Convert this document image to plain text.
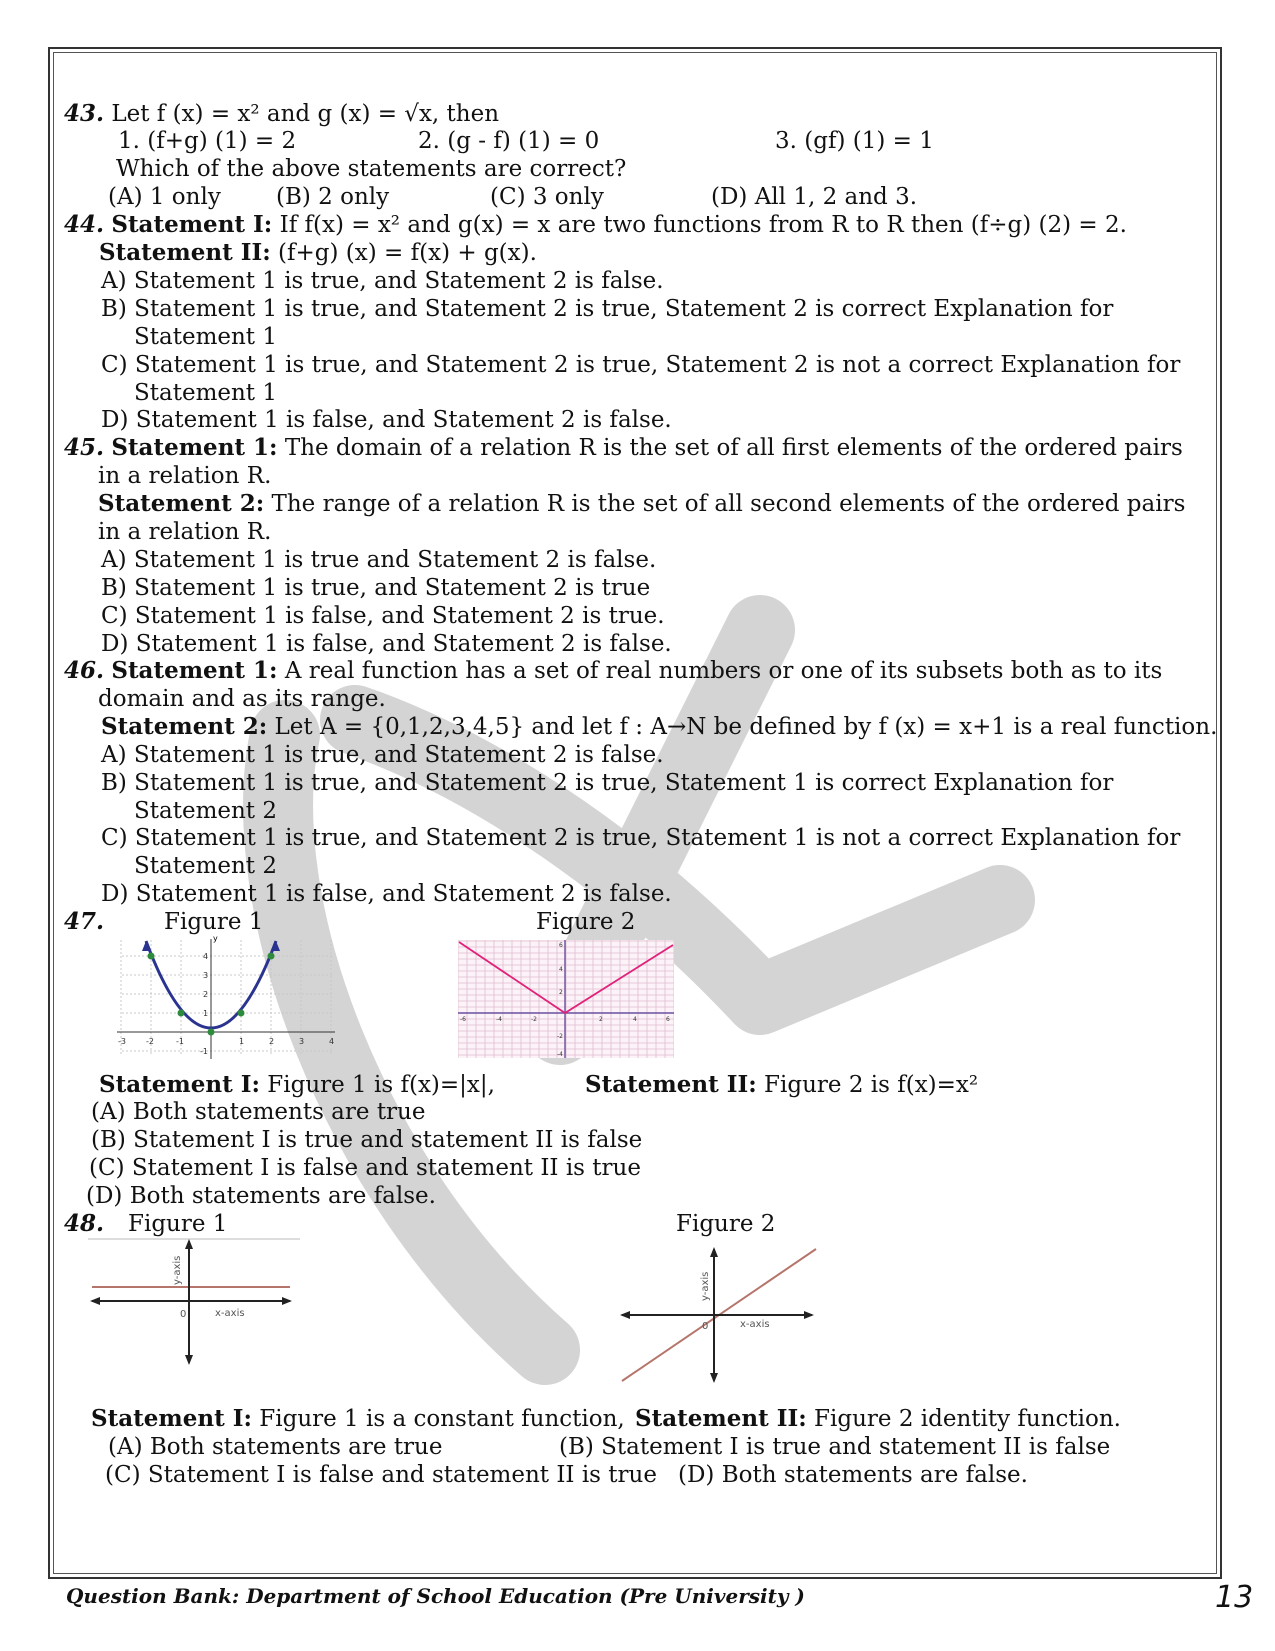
43. Let f (x) = x² and g (x) = √x, then
1. (f+g) (1) = 2	2. (g - f) (1) = 0	3. (gf) (1) = 1
Which of the above statements are correct?
(A) 1 only (B) 2 only	(C) 3 only	(D) All 1, 2 and 3.
44. Statement I: If f(x) = x² and g(x) = x are two functions from R to R then (f÷g) (2) = 2.
Statement II: (f+g) (x) = f(x) + g(x).
A) Statement 1 is true, and Statement 2 is false.
B) Statement 1 is true, and Statement 2 is true, Statement 2 is correct Explanation for
Statement 1
C) Statement 1 is true, and Statement 2 is true, Statement 2 is not a correct Explanation for
Statement 1
D) Statement 1 is false, and Statement 2 is false.
45. Statement 1: The domain of a relation R is the set of all first elements of the ordered pairs
in a relation R.
Statement 2: The range of a relation R is the set of all second elements of the ordered pairs
in a relation R.
A) Statement 1 is true and Statement 2 is false.
B) Statement 1 is true, and Statement 2 is true
C) Statement 1 is false, and Statement 2 is true.
D) Statement 1 is false, and Statement 2 is false.
46. Statement 1: A real function has a set of real numbers or one of its subsets both as to its
domain and as its range.
Statement 2: Let A = {0,1,2,3,4,5} and let f : A→N be defined by f (x) = x+1 is a real function.
A) Statement 1 is true, and Statement 2 is false.
B) Statement 1 is true, and Statement 2 is true, Statement 1 is correct Explanation for
Statement 2
C) Statement 1 is true, and Statement 2 is true, Statement 1 is not a correct Explanation for
Statement 2
D) Statement 1 is false, and Statement 2 is false.
47.	Figure 1	Figure 2
y
-3	-2	-1	1	2	3	4
4
3
2
1
-1
-6	-4	-2	2	4	6
6
4
2
-2
-4
Statement I: Figure 1 is f(x)=|x|,	Statement II: Figure 2 is f(x)=x²
(A) Both statements are true
(B) Statement I is true and statement II is false
(C) Statement I is false and statement II is true
(D) Both statements are false.
48. Figure 1	Figure 2
0	x-axis
y-axis
0	x-axis
y-axis
Statement I: Figure 1 is a constant function, Statement II: Figure 2 identity function.
(A) Both statements are true	(B) Statement I is true and statement II is false
(C) Statement I is false and statement II is true (D) Both statements are false.
Question Bank: Department of School Education (Pre University )	13
